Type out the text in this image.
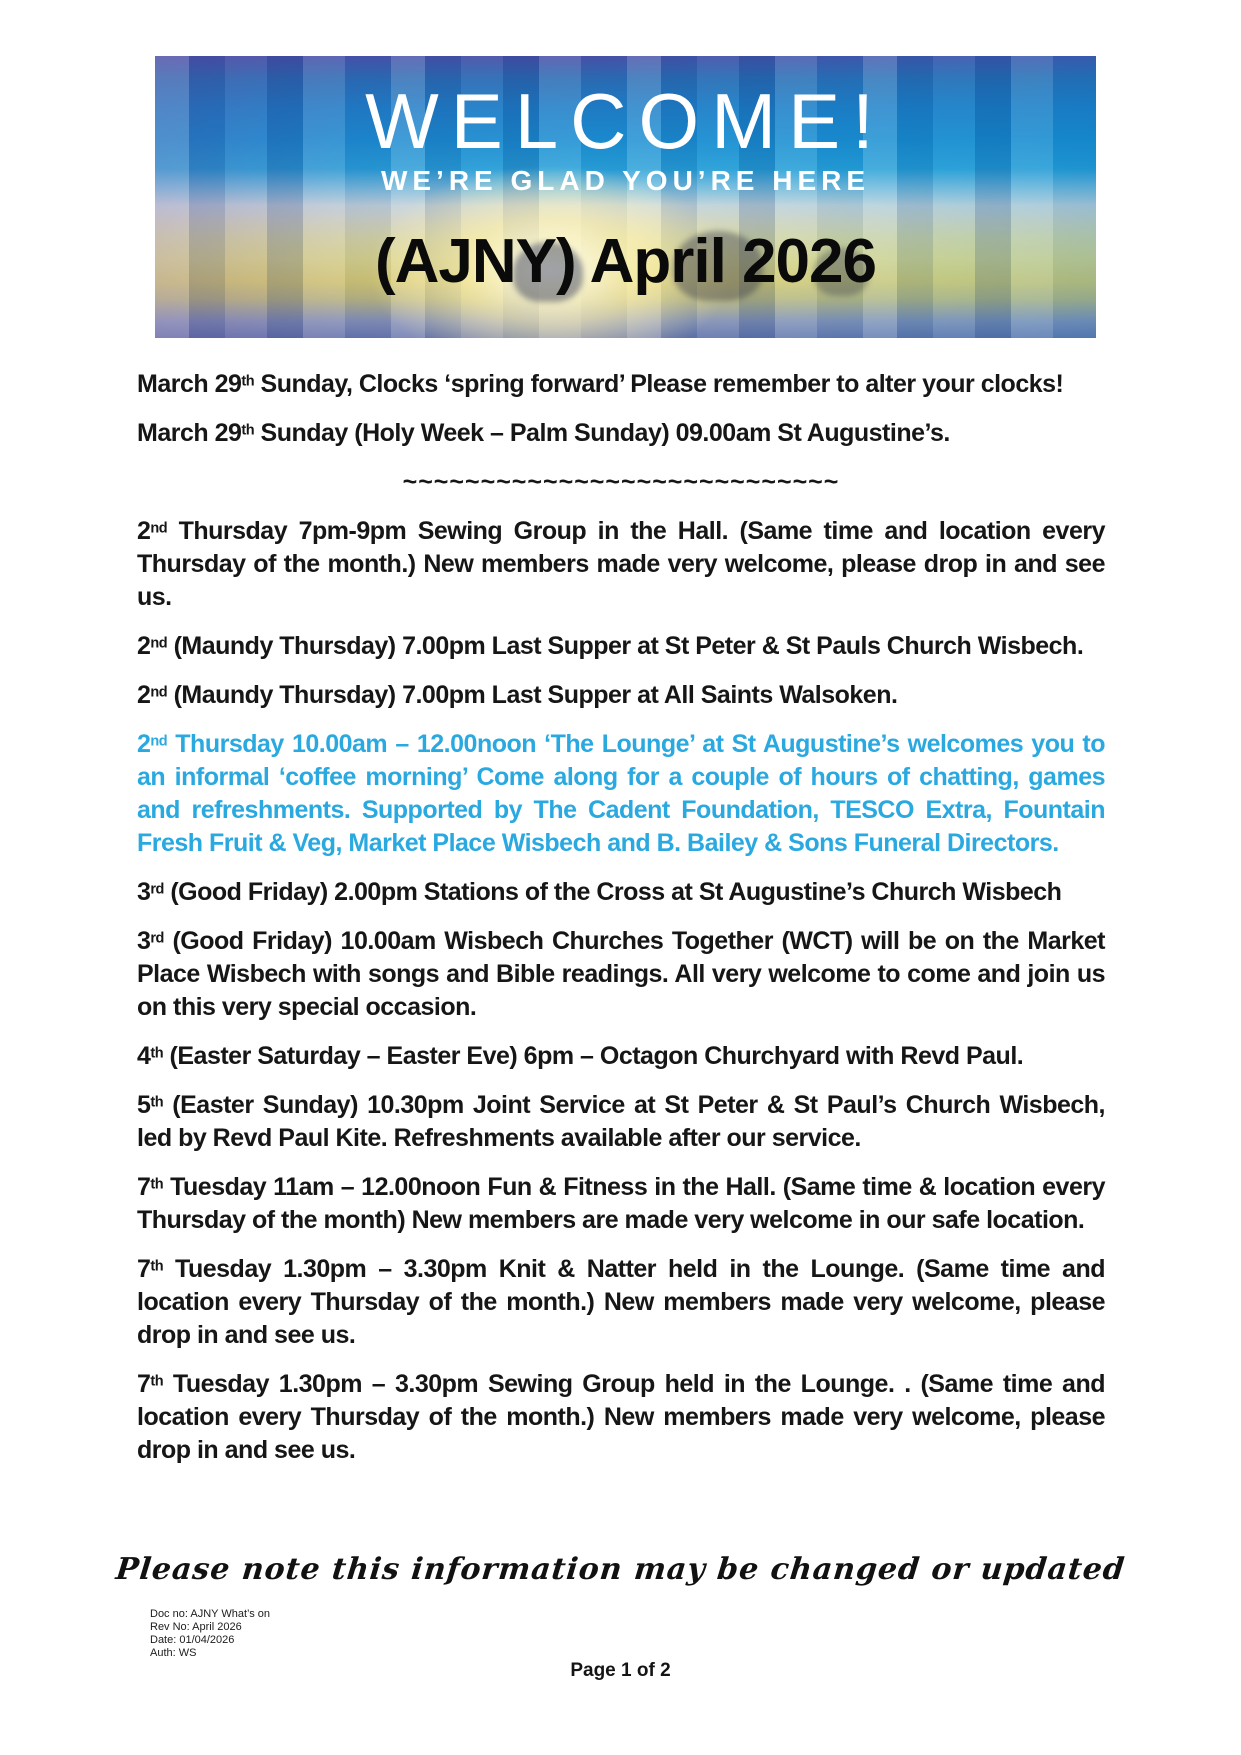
WELCOME!
WE’RE GLAD YOU’RE HERE
(AJNY) April 2026

March 29th Sunday, Clocks ‘spring forward’ Please remember to alter your clocks!

March 29th Sunday (Holy Week – Palm Sunday) 09.00am St Augustine’s.

~~~~~~~~~~~~~~~~~~~~~~~~~~~~

2nd Thursday 7pm-9pm Sewing Group in the Hall. (Same time and location every Thursday of the month.) New members made very welcome, please drop in and see us.

2nd (Maundy Thursday) 7.00pm Last Supper at St Peter & St Pauls Church Wisbech.

2nd (Maundy Thursday) 7.00pm Last Supper at All Saints Walsoken.

2nd Thursday 10.00am – 12.00noon ‘The Lounge’ at St Augustine’s welcomes you to an informal ‘coffee morning’ Come along for a couple of hours of chatting, games and refreshments. Supported by The Cadent Foundation, TESCO Extra, Fountain Fresh Fruit & Veg, Market Place Wisbech and B. Bailey & Sons Funeral Directors.

3rd (Good Friday) 2.00pm Stations of the Cross at St Augustine’s Church Wisbech

3rd (Good Friday) 10.00am Wisbech Churches Together (WCT) will be on the Market Place Wisbech with songs and Bible readings. All very welcome to come and join us on this very special occasion.

4th (Easter Saturday – Easter Eve) 6pm – Octagon Churchyard with Revd Paul.

5th (Easter Sunday) 10.30pm Joint Service at St Peter & St Paul’s Church Wisbech, led by Revd Paul Kite. Refreshments available after our service.

7th Tuesday 11am – 12.00noon Fun & Fitness in the Hall. (Same time & location every Thursday of the month) New members are made very welcome in our safe location.

7th Tuesday 1.30pm – 3.30pm Knit & Natter held in the Lounge. (Same time and location every Thursday of the month.) New members made very welcome, please drop in and see us.

7th Tuesday 1.30pm – 3.30pm Sewing Group held in the Lounge. . (Same time and location every Thursday of the month.) New members made very welcome, please drop in and see us.

Please note this information may be changed or updated
Doc no: AJNY What’s on
Rev No: April 2026
Date: 01/04/2026
Auth: WS
Page 1 of 2
